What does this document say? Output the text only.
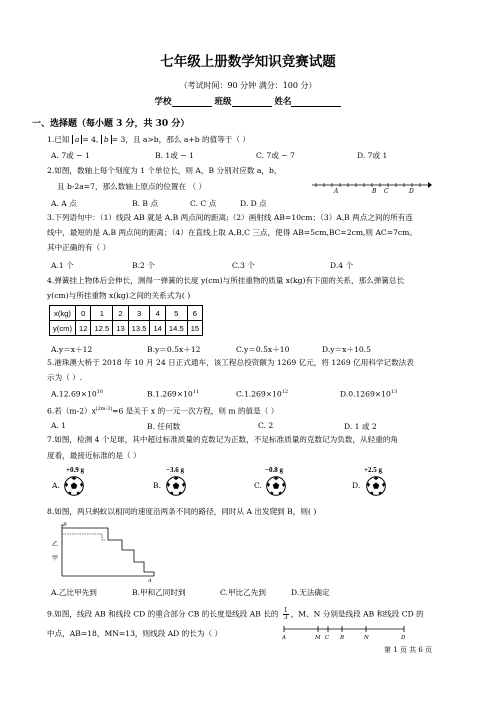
七年级上册数学知识竞赛试题
（考试时间：90 分钟 满分：100 分）
学校	班级	姓名
一、选择题（每小题 3 分，共 30 分）
1.已知 a = 4, b = 3，且 a>b，那么 a+b 的值等于（ ）
A. 7或 − 1	B. 1或 − 1	C. 7或 − 7	D. 7或 1
2.如图，数轴上每个刻度为 1 个单位长，则 A，B 分别对应数 a，b，
且 b-2a=7，那么数轴上原点的位置在 （ ）
A	B C	D
A. A 点	B. B 点	C. C 点	D. D 点
3.下列语句中：（1）线段 AB 就是 A,B 两点间的距离;（2）画射线 AB=10cm；（3）A,B 两点之间的所有连
线中，最短的是 A,B 两点间的距离；（4）在直线上取 A,B,C 三点，使得 AB=5cm,BC=2cm,则 AC=7cm。
其中正确的有（ ）
A.1 个	B.2 个	C.3 个	D.4 个
4.弹簧挂上物体后会伸长，测得一弹簧的长度 y(cm)与所挂重物的质量 x(kg)有下面的关系，那么弹簧总长
y(cm)与所挂重物 x(kg)之间的关系式为( )
x(kg)	0	1	2	3	4	5	6
y(cm)	12	12.5	13	13.5	14	14.5	15
A.y＝x＋12	B.y＝0.5x＋12	C.y＝0.5x＋10	D.y＝x＋10.5
5.港珠澳大桥于 2018 年 10 月 24 日正式通车，该工程总投资额为 1269 亿元，将 1269 亿用科学记数法表
示为（ ）.
$A.12.69\times 10^{10}$	$B.1.269\times 10^{11}$	$C.1.269\times 10^{12}$	$D.0.1269\times 10^{13}$
6.若$(m-2)x^{|2m-3|}=6$ 是关于 x 的一元一次方程，则 m 的值是（ ）
A. 1	B. 任何数	C. 2	D. 1 或 2
7.如图，检测 4 个足球，其中超过标准质量的克数记为正数，不足标准质量的克数记为负数，从轻重的角
度看，最接近标准的是（ ）
+0.9 g
A.
−3.6 g
B.
−0.8 g
C.
+2.5 g
D.
8.如图，两只蚂蚁以相同的速度沿两条不同的路径，同时从 A 出发爬到 B，则( )
B
乙
甲
A
A.乙比甲先到	B.甲和乙同时到	C.甲比乙先到	D.无法确定
9.如图，线段 AB 和线段 CD 的重合部分 CB 的长度是线段 AB 长的 $\frac{1}{3}$ ，M、N 分别是线段 AB 和线段 CD 的
中点，AB=18，MN=13，则线段 AD 的长为（ ）	A	M C B	N	D
第 1 页 共 6 页
